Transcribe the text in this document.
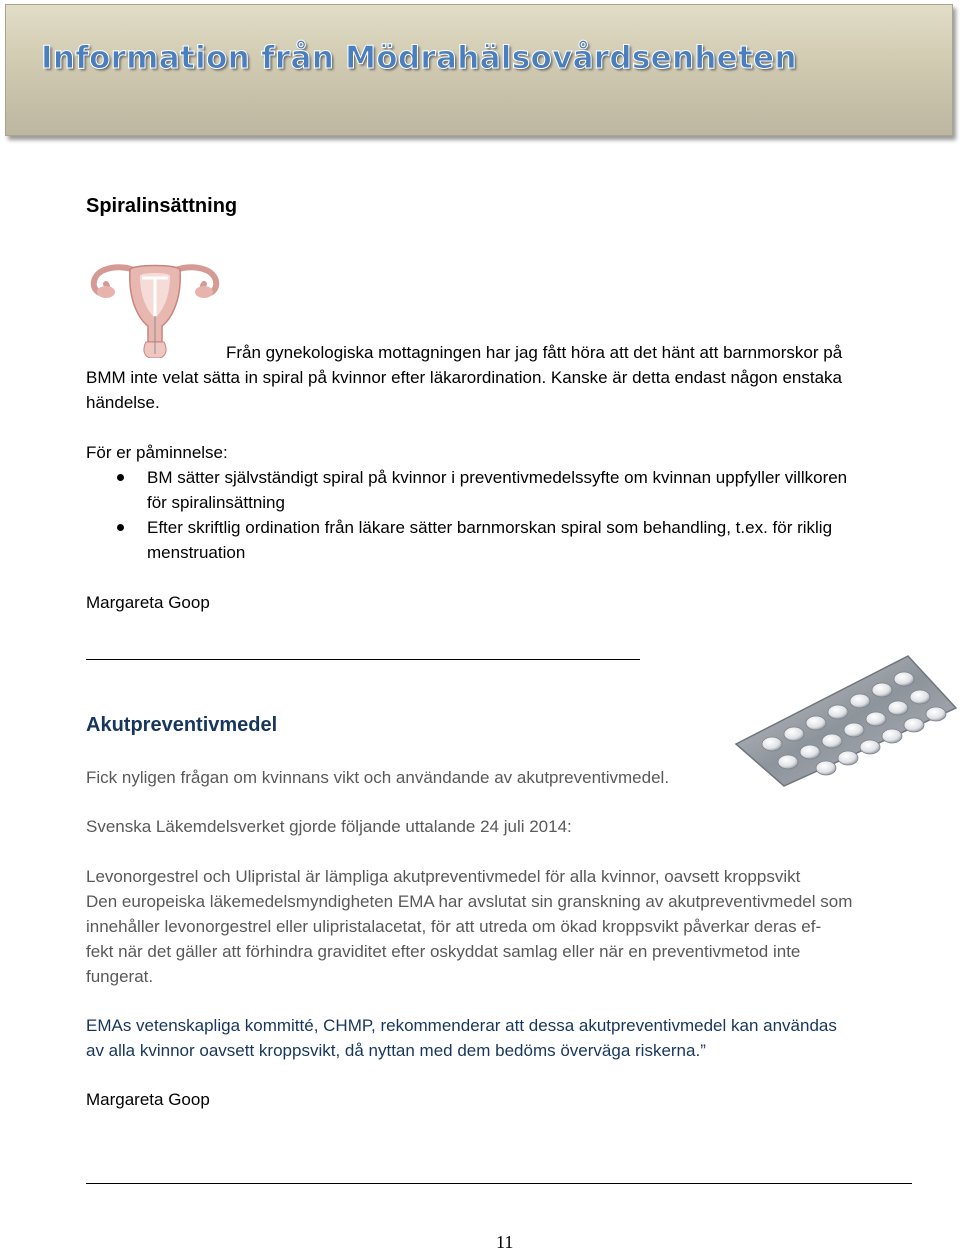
Information från Mödrahälsovårdsenheten
Spiralinsättning
Från gynekologiska mottagningen har jag fått höra att det hänt att barnmorskor på
BMM inte velat sätta in spiral på kvinnor efter läkarordination. Kanske är detta endast någon enstaka
händelse.
För er påminnelse:
BM sätter självständigt spiral på kvinnor i preventivmedelssyfte om kvinnan uppfyller villkoren
för spiralinsättning
Efter skriftlig ordination från läkare sätter barnmorskan spiral som behandling, t.ex. för riklig
menstruation
Margareta Goop
Akutpreventivmedel
Fick nyligen frågan om kvinnans vikt och användande av akutpreventivmedel.
Svenska Läkemdelsverket gjorde följande uttalande 24 juli 2014:
Levonorgestrel och Ulipristal är lämpliga akutpreventivmedel för alla kvinnor, oavsett kroppsvikt
Den europeiska läkemedelsmyndigheten EMA har avslutat sin granskning av akutpreventivmedel som
innehåller levonorgestrel eller ulipristalacetat, för att utreda om ökad kroppsvikt påverkar deras ef-
fekt när det gäller att förhindra graviditet efter oskyddat samlag eller när en preventivmetod inte
fungerat.
EMAs vetenskapliga kommitté, CHMP, rekommenderar att dessa akutpreventivmedel kan användas
av alla kvinnor oavsett kroppsvikt, då nyttan med dem bedöms överväga riskerna.”
Margareta Goop
11
